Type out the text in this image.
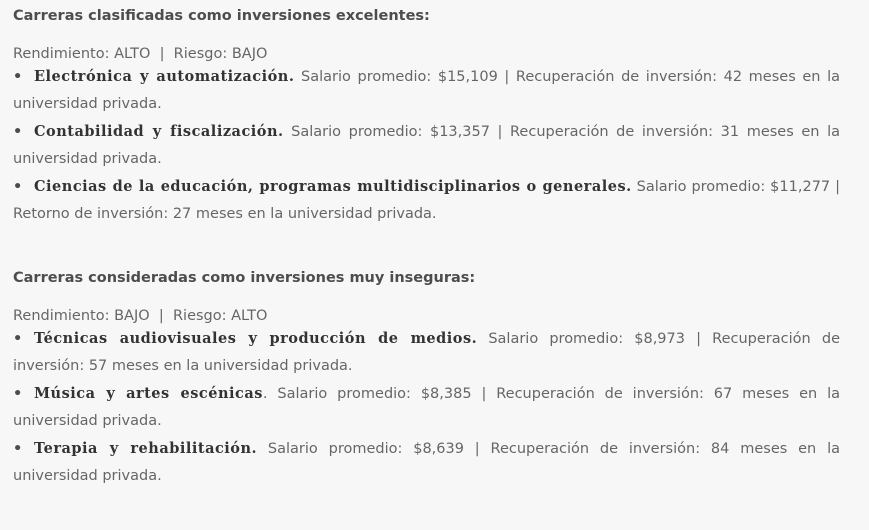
Carreras clasificadas como inversiones excelentes:

Rendimiento: ALTO  |  Riesgo: BAJO

• Electrónica y automatización. Salario promedio: $15,109 | Recuperación de inversión: 42 meses en la universidad privada.
• Contabilidad y fiscalización. Salario promedio: $13,357 | Recuperación de inversión: 31 meses en la universidad privada.
• Ciencias de la educación, programas multidisciplinarios o generales. Salario promedio: $11,277 | Retorno de inversión: 27 meses en la universidad privada.

Carreras consideradas como inversiones muy inseguras:

Rendimiento: BAJO  |  Riesgo: ALTO

• Técnicas audiovisuales y producción de medios. Salario promedio: $8,973 | Recuperación de inversión: 57 meses en la universidad privada.
• Música y artes escénicas. Salario promedio: $8,385 | Recuperación de inversión: 67 meses en la universidad privada.
• Terapia y rehabilitación. Salario promedio: $8,639 | Recuperación de inversión: 84 meses en la universidad privada.
